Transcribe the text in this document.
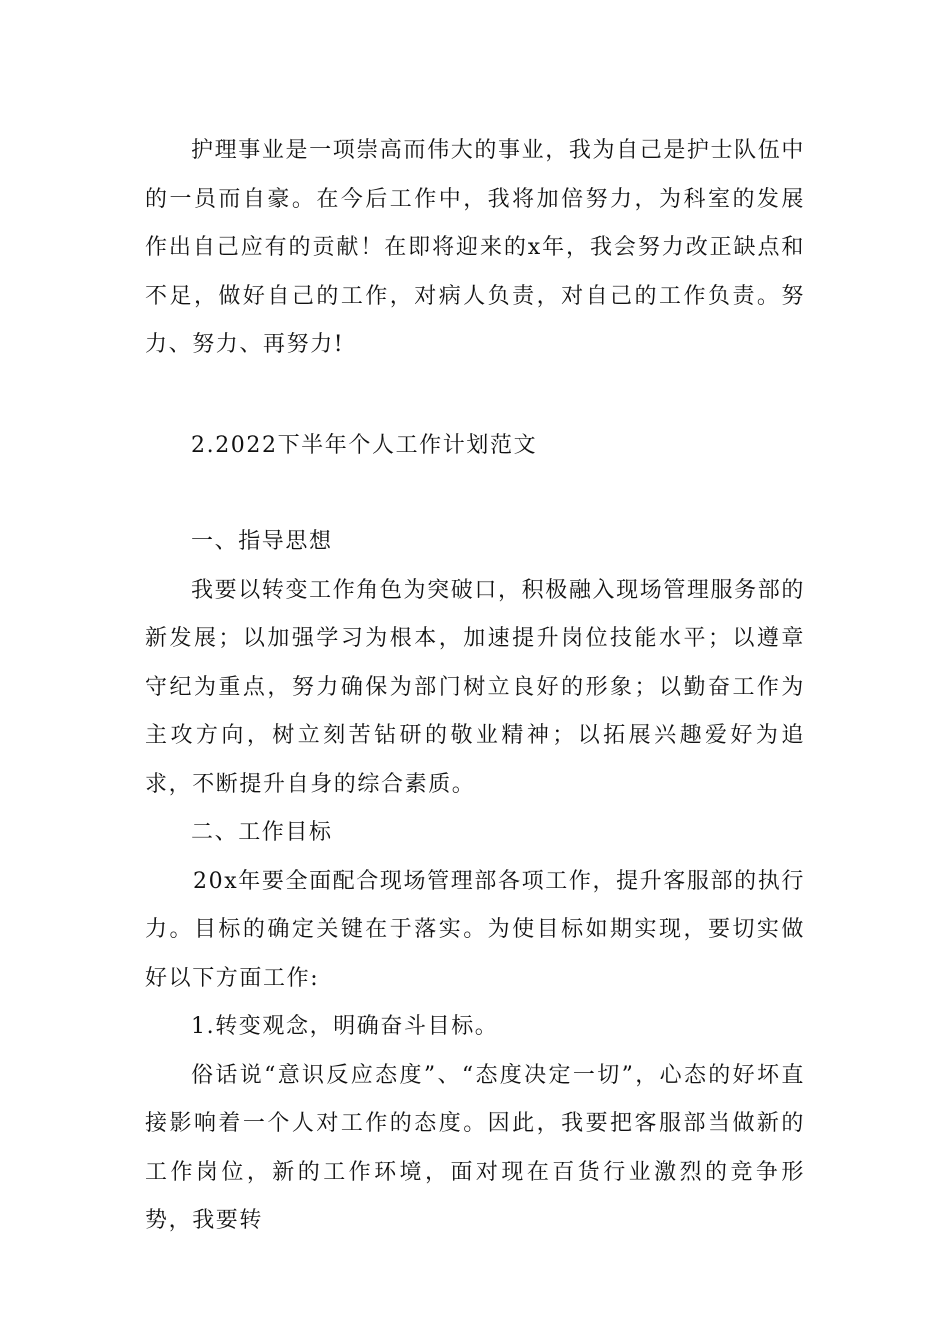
护理事业是一项崇高而伟大的事业，我为自己是护士队伍中的一员而自豪。在今后工作中，我将加倍努力，为科室的发展作出自己应有的贡献！在即将迎来的x年，我会努力改正缺点和不足，做好自己的工作，对病人负责，对自己的工作负责。努力、努力、再努力!

2.2022下半年个人工作计划范文

一、指导思想

我要以转变工作角色为突破口，积极融入现场管理服务部的新发展；以加强学习为根本，加速提升岗位技能水平；以遵章守纪为重点，努力确保为部门树立良好的形象；以勤奋工作为主攻方向，树立刻苦钻研的敬业精神；以拓展兴趣爱好为追求，不断提升自身的综合素质。

二、工作目标

20x年要全面配合现场管理部各项工作，提升客服部的执行力。目标的确定关键在于落实。为使目标如期实现，要切实做好以下方面工作:

1.转变观念，明确奋斗目标。

俗话说“意识反应态度”、“态度决定一切”，心态的好坏直接影响着一个人对工作的态度。因此，我要把客服部当做新的工作岗位，新的工作环境，面对现在百货行业激烈的竞争形势，我要转
